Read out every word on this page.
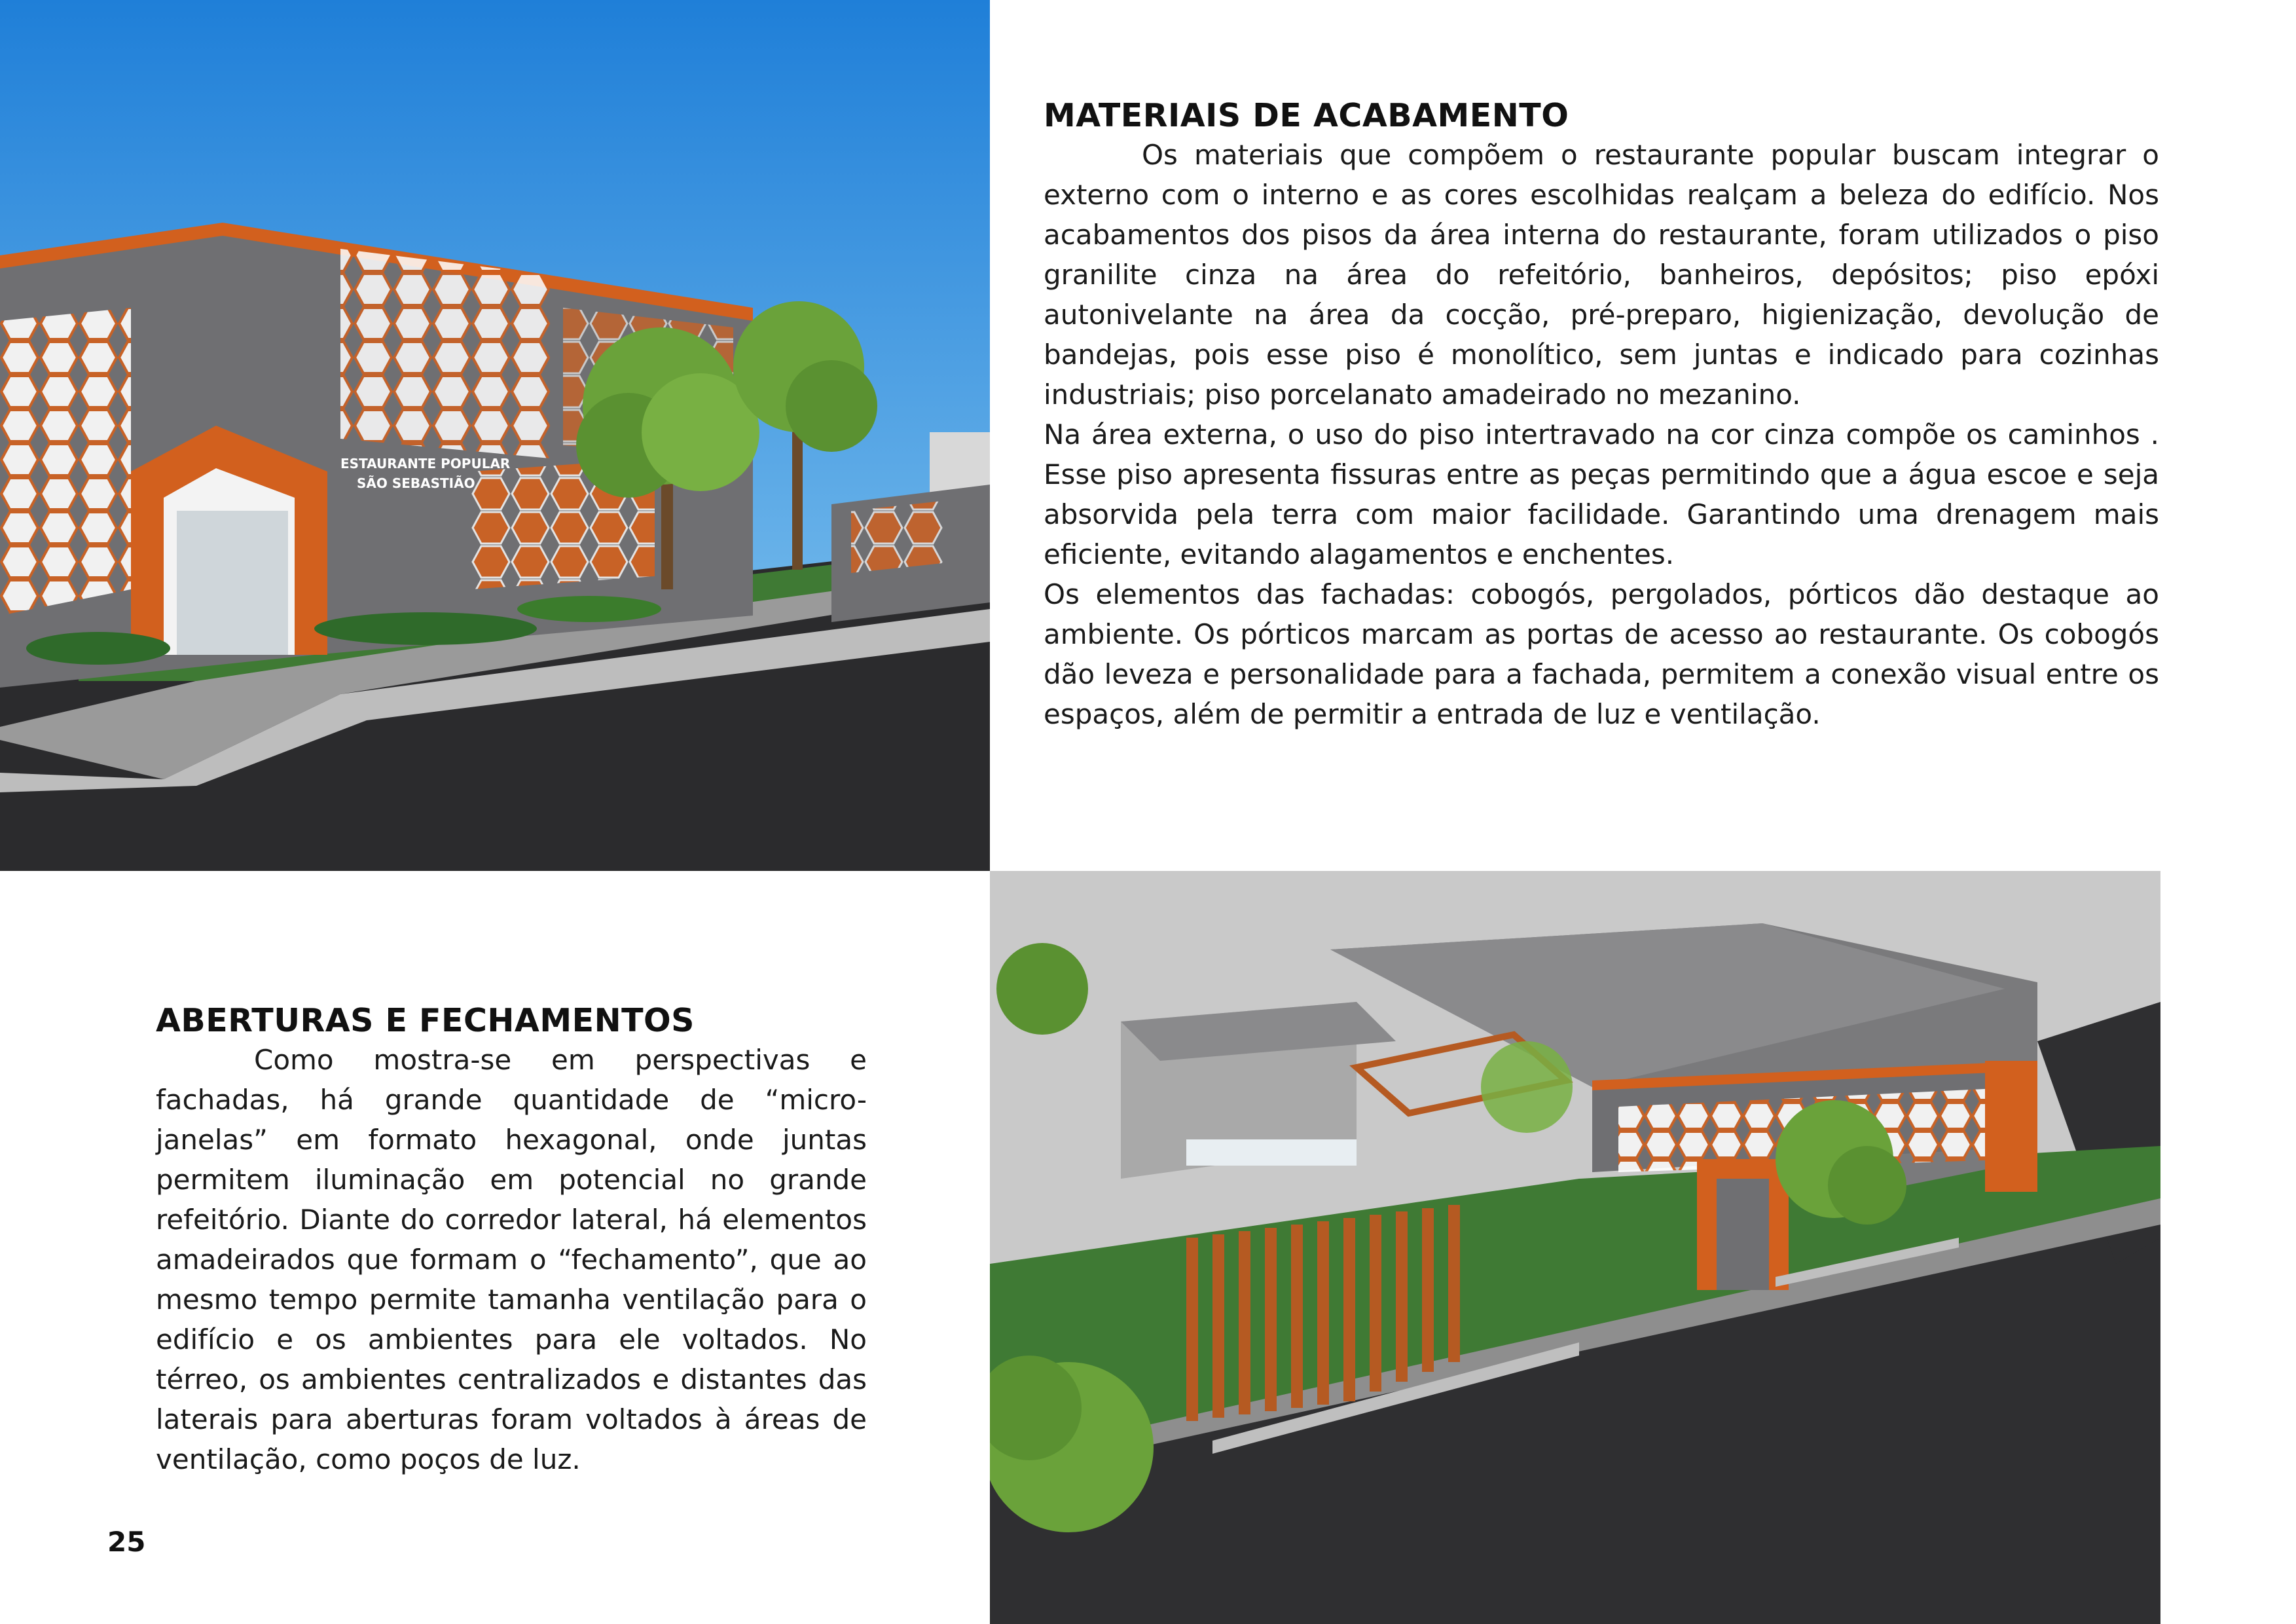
ESTAURANTE POPULAR
SÃO SEBASTIÃO
MATERIAIS DE ACABAMENTO

Os materiais que compõem o restaurante popular buscam integrar o externo com o interno e as cores escolhidas realçam a beleza do edifício. Nos acabamentos dos pisos da área interna do restaurante, foram utilizados o piso granilite cinza na área do refeitório, banheiros, depósitos; piso epóxi autonivelante na área da cocção, pré-preparo, higienização, devolução de bandejas, pois esse piso é monolítico, sem juntas e indicado para cozinhas industriais; piso porcelanato amadeirado no mezanino.

Na área externa, o uso do piso intertravado na cor cinza compõe os caminhos . Esse piso apresenta fissuras entre as peças permitindo que a água escoe e seja absorvida pela terra com maior facilidade. Garantindo uma drenagem mais eficiente, evitando alagamentos e enchentes.

Os elementos das fachadas: cobogós, pergolados, pórticos dão destaque ao ambiente. Os pórticos marcam as portas de acesso ao restaurante. Os cobogós dão leveza e personalidade para a fachada, permitem a conexão visual entre os espaços, além de permitir a entrada de luz e ventilação.

ABERTURAS E FECHAMENTOS

Como mostra-se em perspectivas e fachadas, há grande quantidade de “micro-janelas” em formato hexagonal, onde juntas permitem iluminação em potencial no grande refeitório. Diante do corredor lateral, há elementos amadeirados que formam o “fechamento”, que ao mesmo tempo permite tamanha ventilação para o edifício e os ambientes para ele voltados. No térreo, os ambientes centralizados e distantes das laterais para aberturas foram voltados à áreas de ventilação, como poços de luz.

25
